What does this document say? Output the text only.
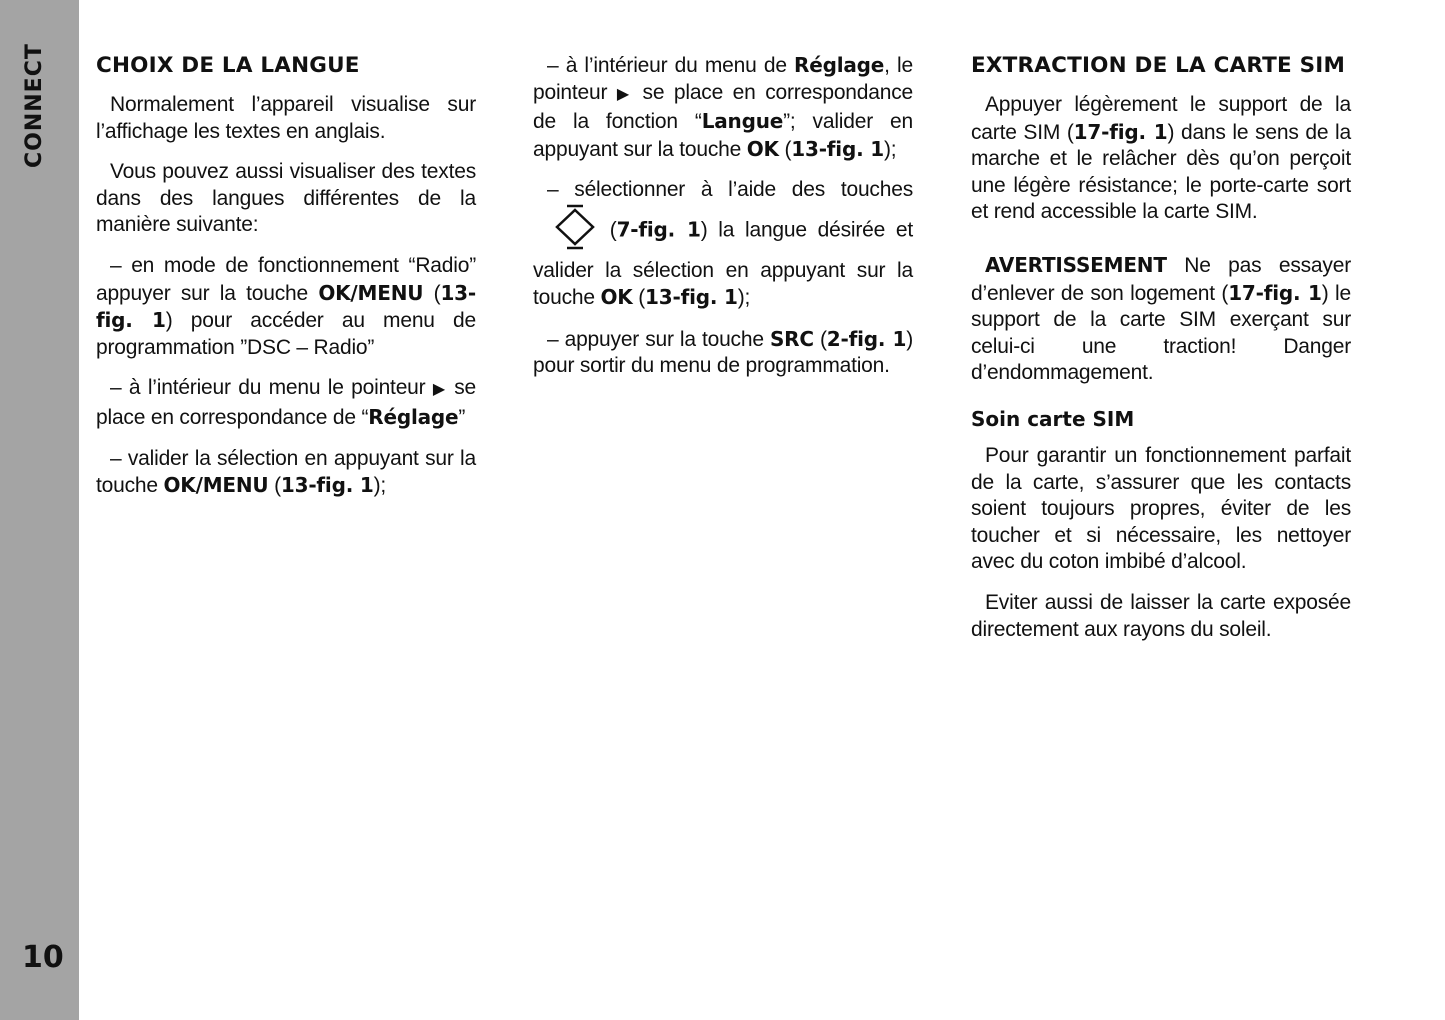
CONNECT
10
CHOIX DE LA LANGUE

Normalement l’appareil visualise sur l’affichage les textes en anglais.

Vous pouvez aussi visualiser des textes dans des langues différentes de la manière suivante:

– en mode de fonctionnement “Radio” appuyer sur la touche OK/MENU (13-fig. 1) pour accéder au menu de programmation ”DSC – Radio”

– à l’intérieur du menu le pointeur ▶ se place en correspondance de “Réglage”

– valider la sélection en appuyant sur la touche OK/MENU (13-fig. 1);

– à l’intérieur du menu de Réglage, le pointeur ▶ se place en correspondance de la fonction “Langue”; valider en appuyant sur la touche OK (13-fig. 1);

– sélectionner à l’aide des touches (7-fig. 1) la langue désirée et valider la sélection en appuyant sur la touche OK (13-fig. 1);

– appuyer sur la touche SRC (2-fig. 1) pour sortir du menu de programmation.

EXTRACTION DE LA CARTE SIM

Appuyer légèrement le support de la carte SIM (17-fig. 1) dans le sens de la marche et le relâcher dès qu’on perçoit une légère résistance; le porte-carte sort et rend accessible la carte SIM.

AVERTISSEMENT Ne pas essayer d’enlever de son logement (17-fig. 1) le support de la carte SIM exerçant sur celui-ci une traction! Danger d’endommagement.

Soin carte SIM

Pour garantir un fonctionnement parfait de la carte, s’assurer que les contacts soient toujours propres, éviter de les toucher et si nécessaire, les nettoyer avec du coton imbibé d’alcool.

Eviter aussi de laisser la carte exposée directement aux rayons du soleil.
